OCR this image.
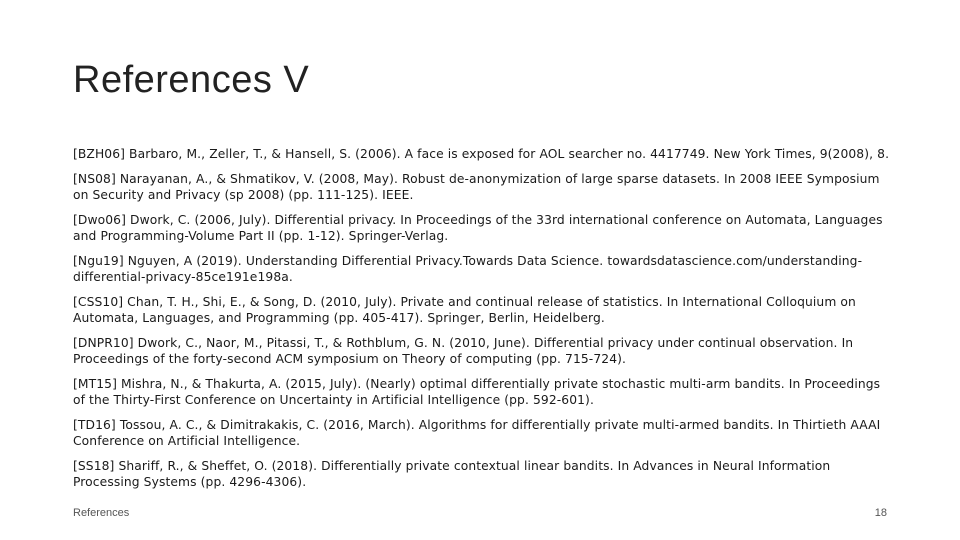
References V
[BZH06] Barbaro, M., Zeller, T., & Hansell, S. (2006). A face is exposed for AOL searcher no. 4417749. New York Times, 9(2008), 8.
[NS08] Narayanan, A., & Shmatikov, V. (2008, May). Robust de-anonymization of large sparse datasets. In 2008 IEEE Symposium on Security and Privacy (sp 2008) (pp. 111-125). IEEE.
[Dwo06] Dwork, C. (2006, July). Differential privacy. In Proceedings of the 33rd international conference on Automata, Languages and Programming-Volume Part II (pp. 1-12). Springer-Verlag.
[Ngu19] Nguyen, A (2019). Understanding Differential Privacy.Towards Data Science. towardsdatascience.com/understanding-differential-privacy-85ce191e198a.
[CSS10] Chan, T. H., Shi, E., & Song, D. (2010, July). Private and continual release of statistics. In International Colloquium on Automata, Languages, and Programming (pp. 405-417). Springer, Berlin, Heidelberg.
[DNPR10] Dwork, C., Naor, M., Pitassi, T., & Rothblum, G. N. (2010, June). Differential privacy under continual observation. In Proceedings of the forty-second ACM symposium on Theory of computing (pp. 715-724).
[MT15] Mishra, N., & Thakurta, A. (2015, July). (Nearly) optimal differentially private stochastic multi-arm bandits. In Proceedings of the Thirty-First Conference on Uncertainty in Artificial Intelligence (pp. 592-601).
[TD16] Tossou, A. C., & Dimitrakakis, C. (2016, March). Algorithms for differentially private multi-armed bandits. In Thirtieth AAAI Conference on Artificial Intelligence.
[SS18] Shariff, R., & Sheffet, O. (2018). Differentially private contextual linear bandits. In Advances in Neural Information Processing Systems (pp. 4296-4306).
References	18
